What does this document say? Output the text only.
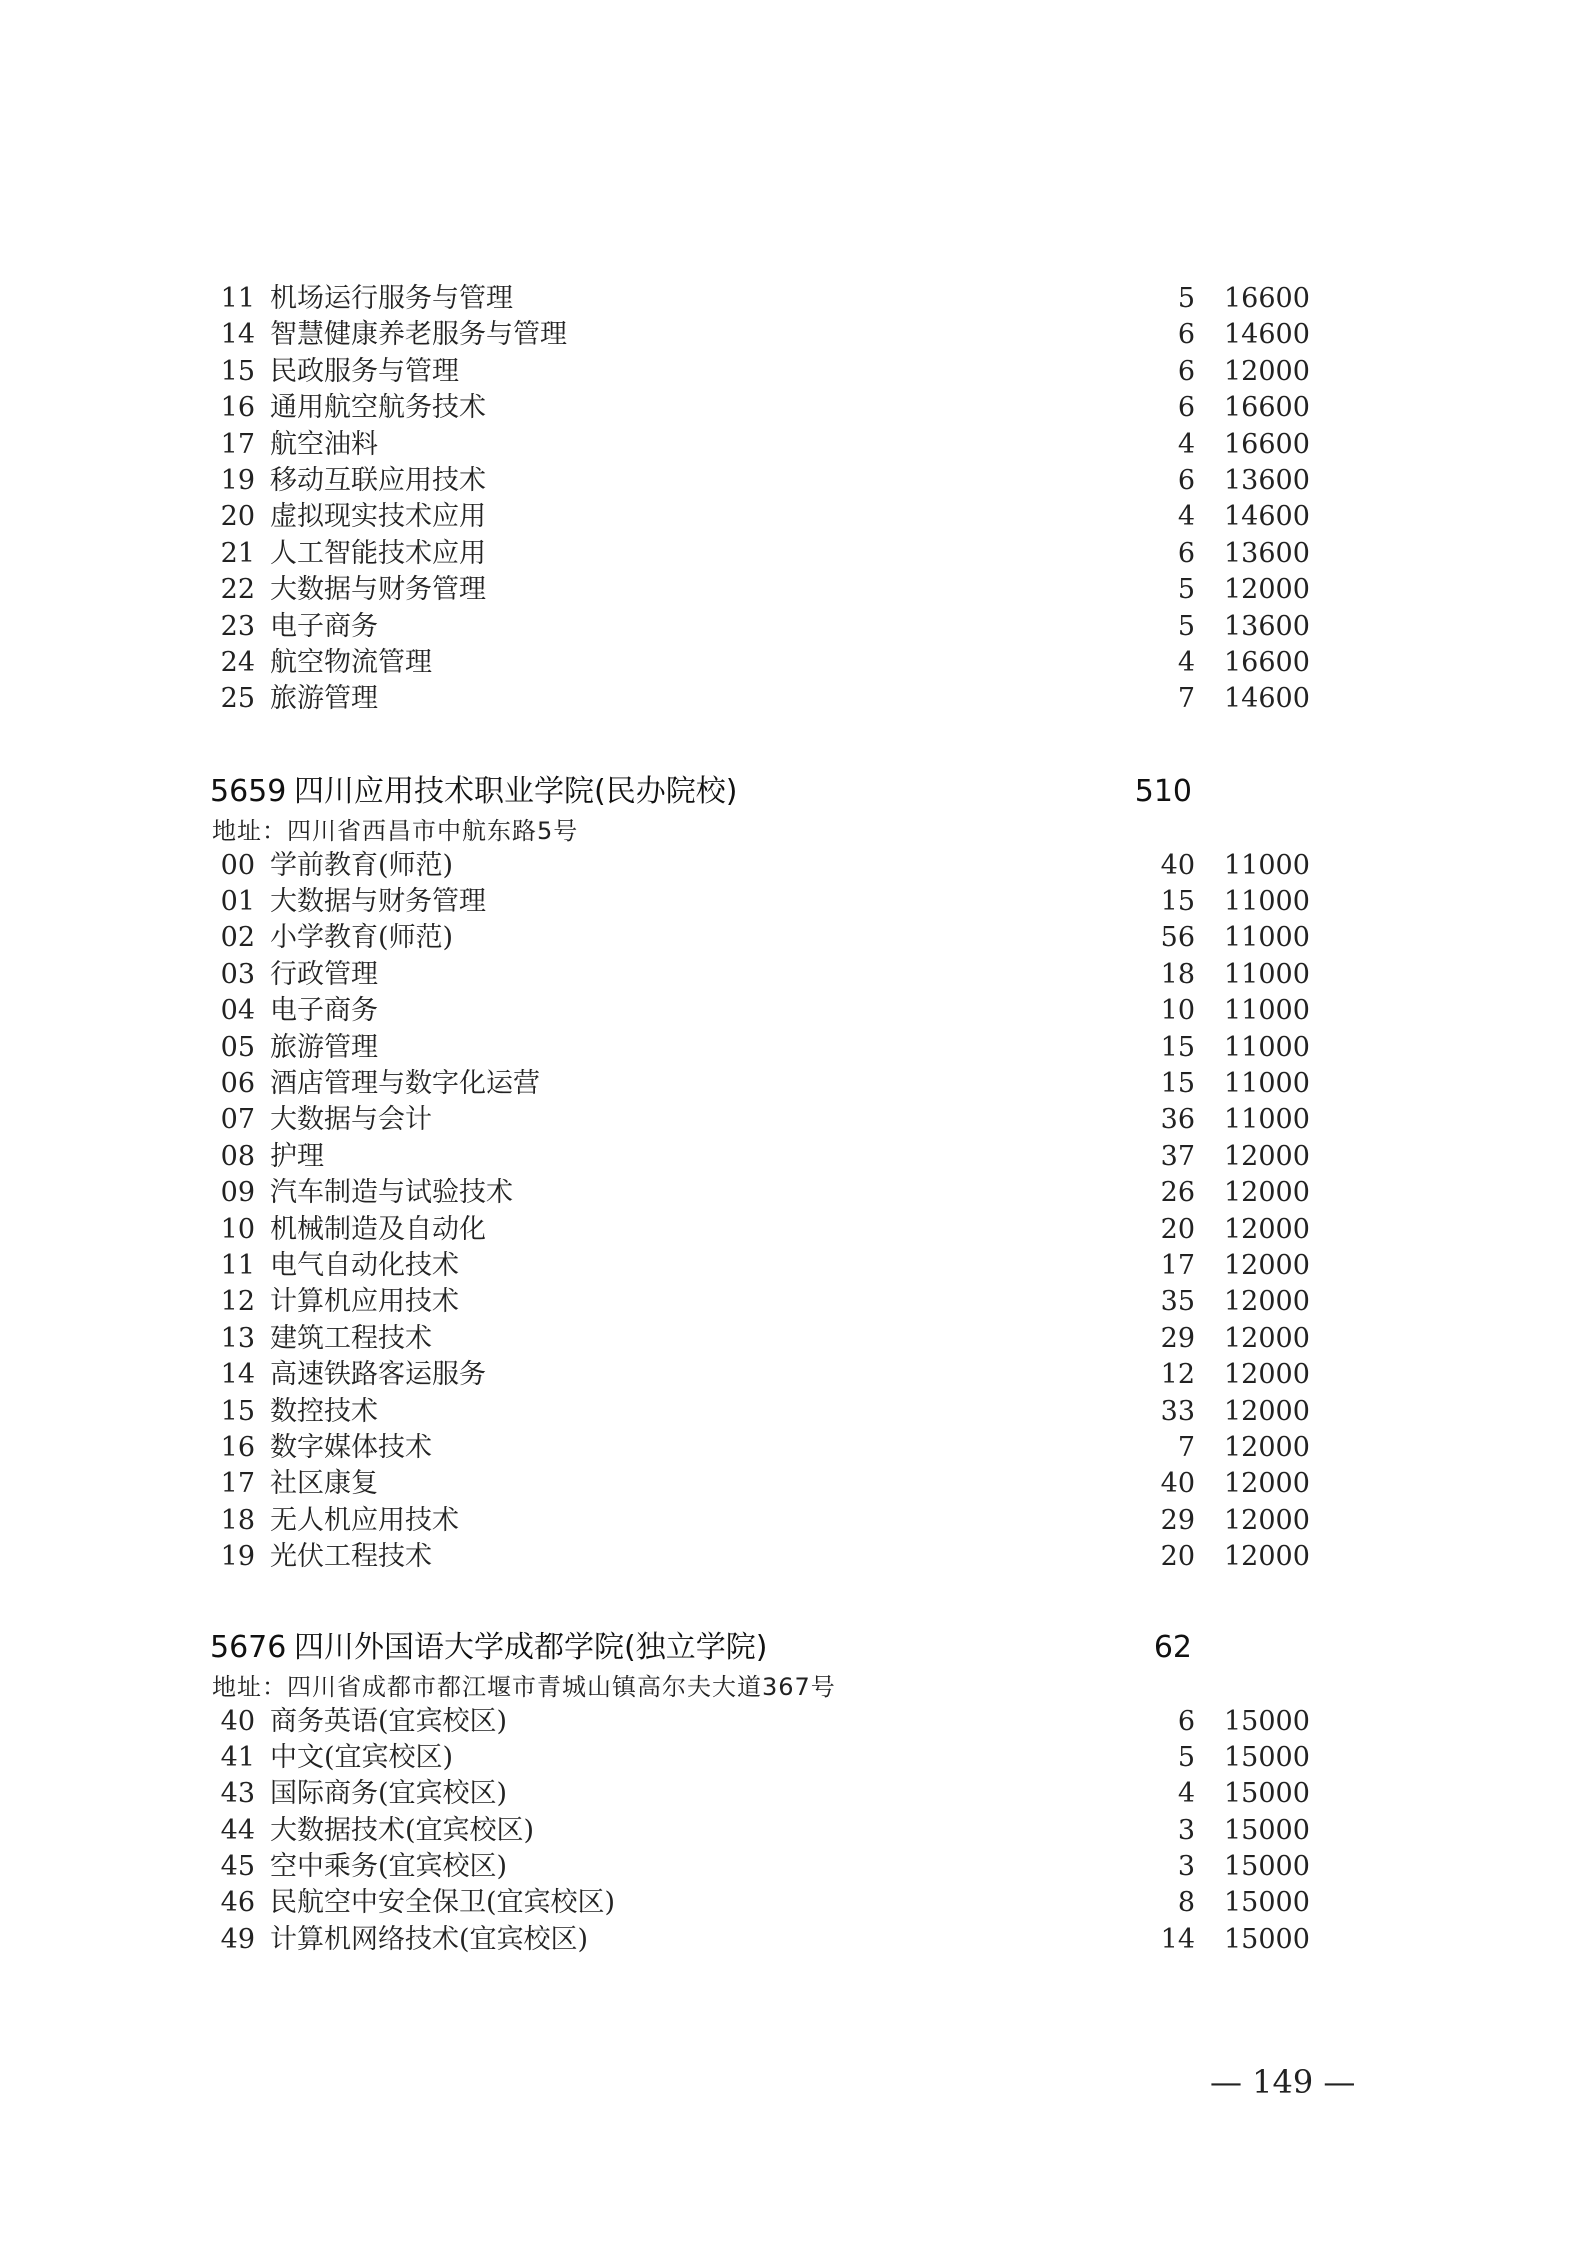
11 机场运行服务与管理	5 16600
14 智慧健康养老服务与管理	6 14600
15 民政服务与管理	6 12000
16 通用航空航务技术	6 16600
17 航空油料	4 16600
19 移动互联应用技术	6 13600
20 虚拟现实技术应用	4 14600
21 人工智能技术应用	6 13600
22 大数据与财务管理	5 12000
23 电子商务	5 13600
24 航空物流管理	4 16600
25 旅游管理	7 14600
5659 四川应用技术职业学院(民办院校)	510
地址：四川省西昌市中航东路5号
00 学前教育(师范)	40 11000
01 大数据与财务管理	15 11000
02 小学教育(师范)	56 11000
03 行政管理	18 11000
04 电子商务	10 11000
05 旅游管理	15 11000
06 酒店管理与数字化运营	15 11000
07 大数据与会计	36 11000
08 护理	37 12000
09 汽车制造与试验技术	26 12000
10 机械制造及自动化	20 12000
11 电气自动化技术	17 12000
12 计算机应用技术	35 12000
13 建筑工程技术	29 12000
14 高速铁路客运服务	12 12000
15 数控技术	33 12000
16 数字媒体技术	7 12000
17 社区康复	40 12000
18 无人机应用技术	29 12000
19 光伏工程技术	20 12000
5676 四川外国语大学成都学院(独立学院)	62
地址：四川省成都市都江堰市青城山镇高尔夫大道367号
40 商务英语(宜宾校区)	6 15000
41 中文(宜宾校区)	5 15000
43 国际商务(宜宾校区)	4 15000
44 大数据技术(宜宾校区)	3 15000
45 空中乘务(宜宾校区)	3 15000
46 民航空中安全保卫(宜宾校区)	8 15000
49 计算机网络技术(宜宾校区)	14 15000
— 149 —
